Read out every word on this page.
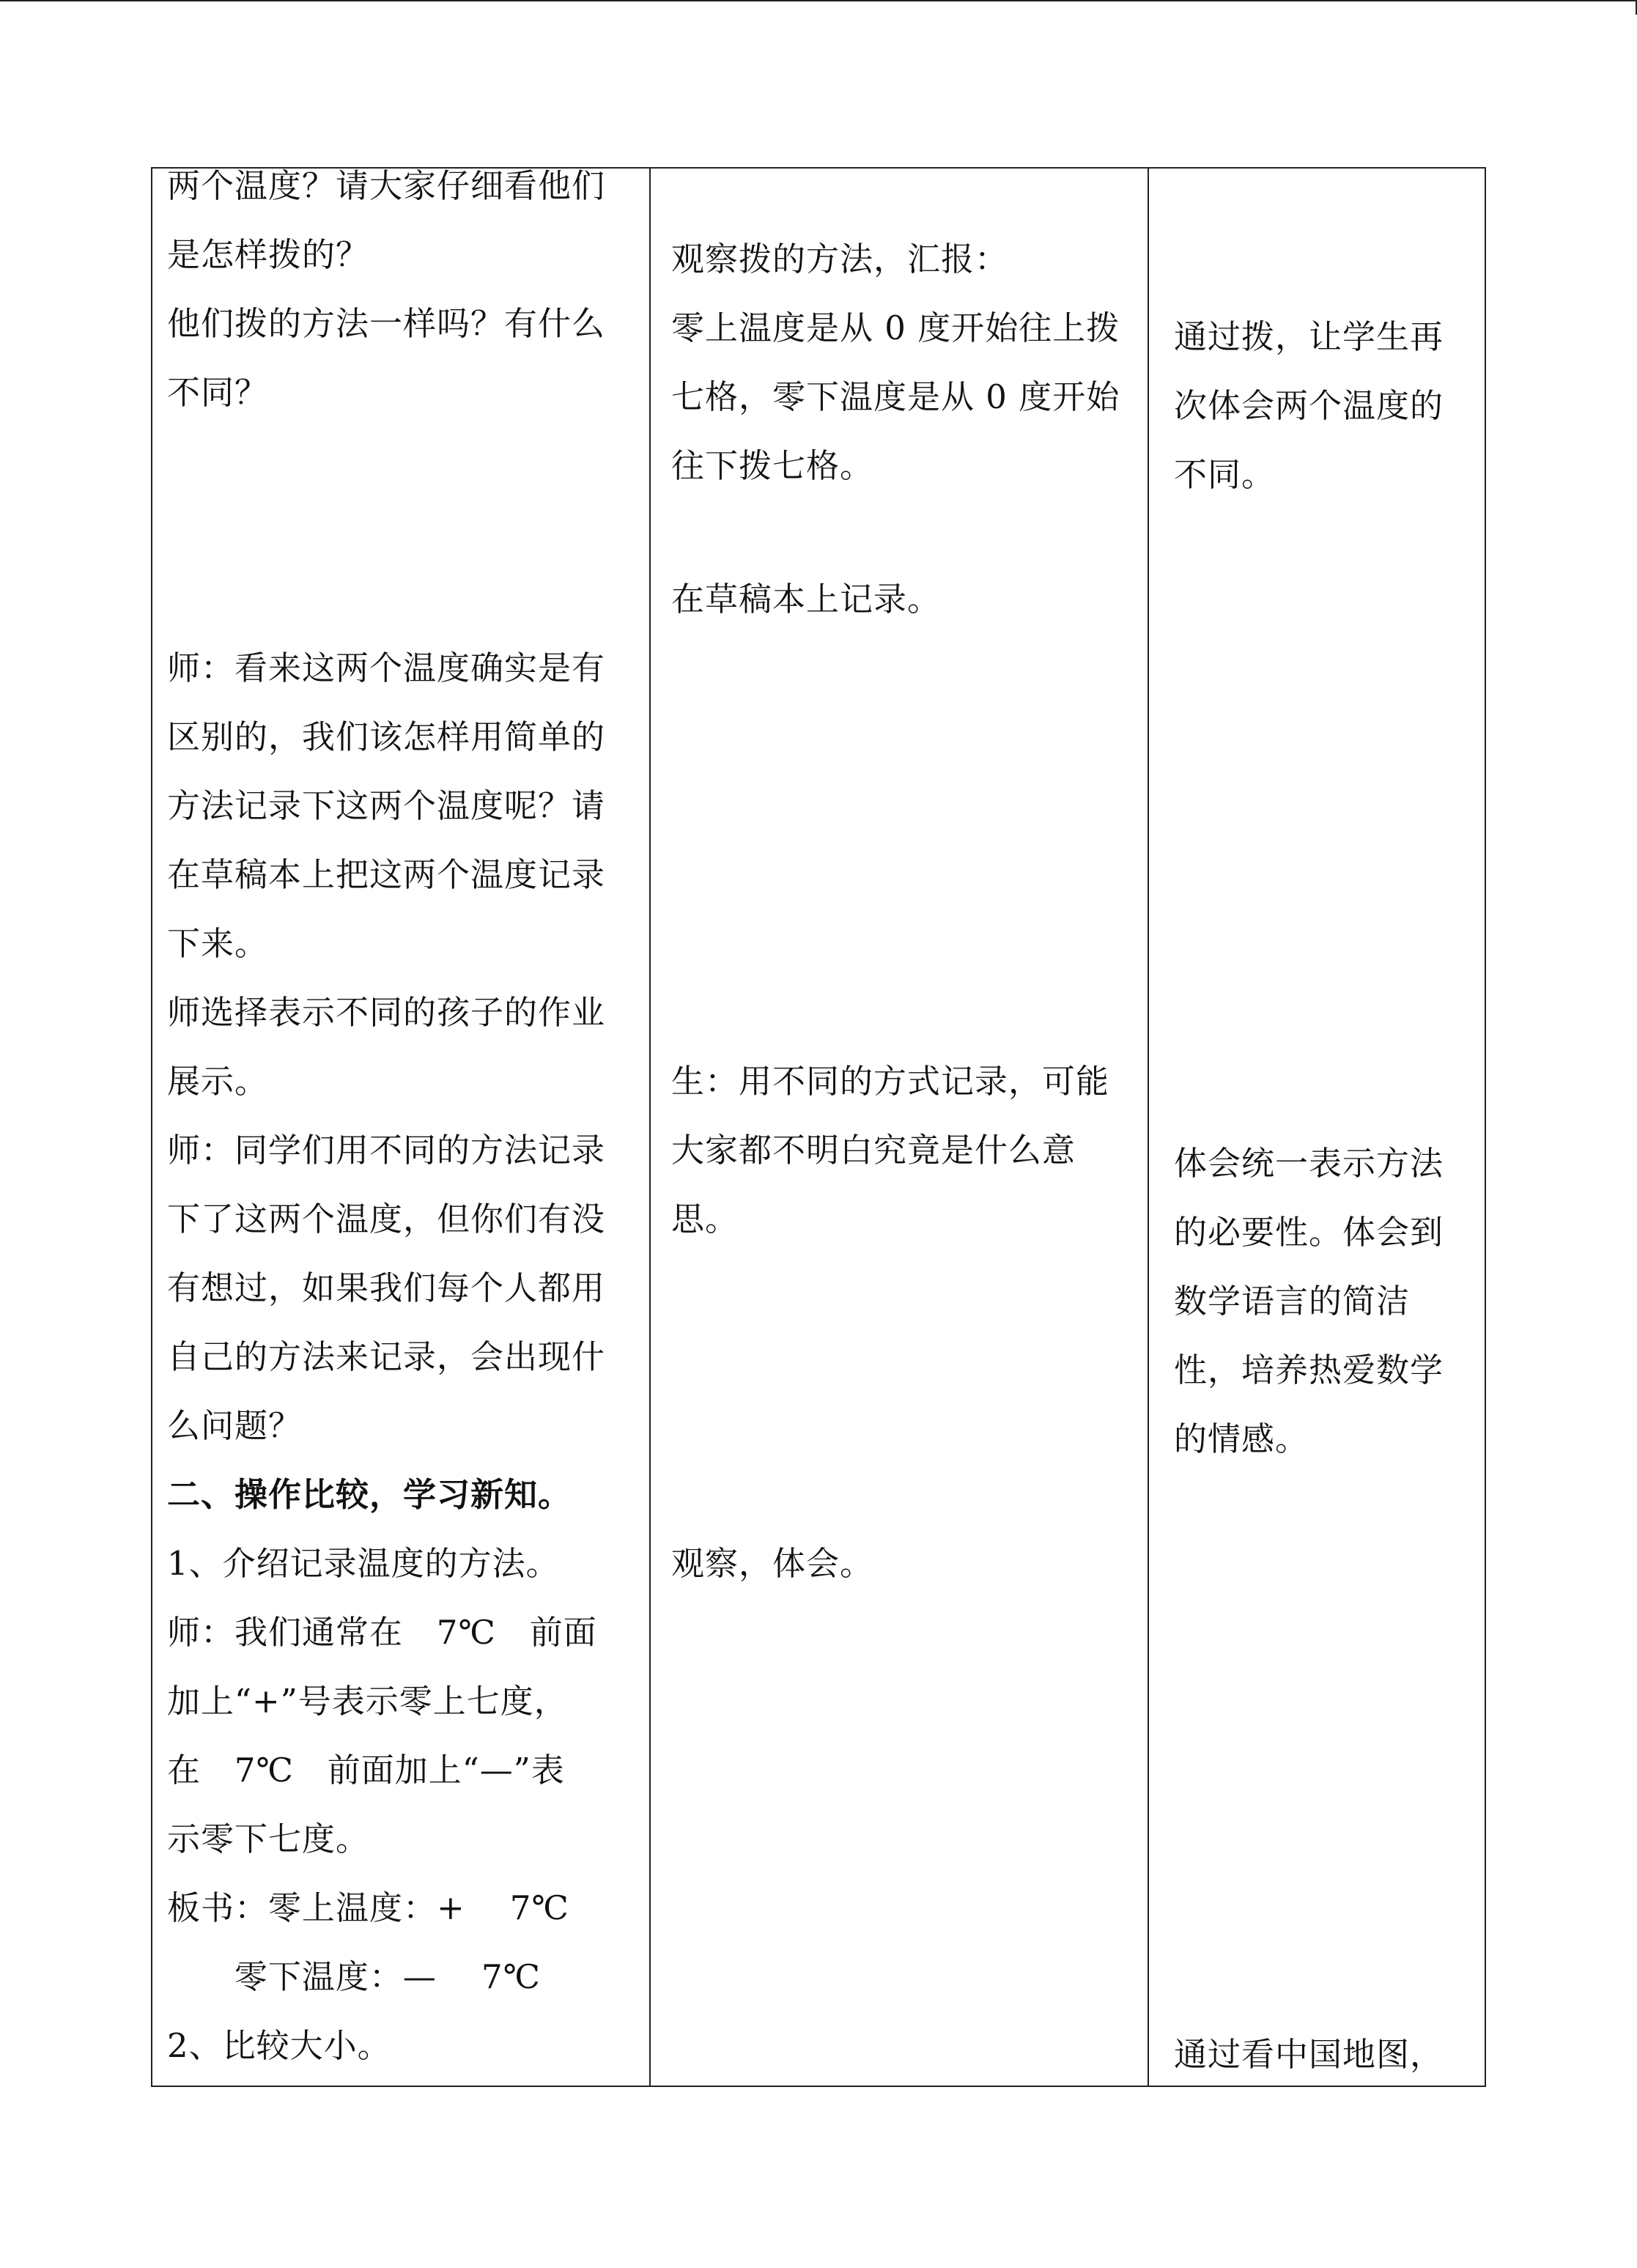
两个温度？请大家仔细看他们
是怎样拨的？
他们拨的方法一样吗？有什么
不同？
师：看来这两个温度确实是有
区别的，我们该怎样用简单的
方法记录下这两个温度呢？请
在草稿本上把这两个温度记录
下来。
师选择表示不同的孩子的作业
展示。
师：同学们用不同的方法记录
下了这两个温度，但你们有没
有想过，如果我们每个人都用
自己的方法来记录，会出现什
么问题？
二、操作比较，学习新知。
1、介绍记录温度的方法。
师：我们通常在   7℃   前面
加上“+”号表示零上七度，
在   7℃   前面加上“—”表
示零下七度。
板书：零上温度：+    7℃
零下温度：—    7℃
2、比较大小。
观察拨的方法，汇报：
零上温度是从 0 度开始往上拨
七格，零下温度是从 0 度开始
往下拨七格。
在草稿本上记录。
生：用不同的方式记录，可能
大家都不明白究竟是什么意
思。
观察，体会。
通过拨，让学生再
次体会两个温度的
不同。
体会统一表示方法
的必要性。体会到
数学语言的简洁
性，培养热爱数学
的情感。
通过看中国地图，
